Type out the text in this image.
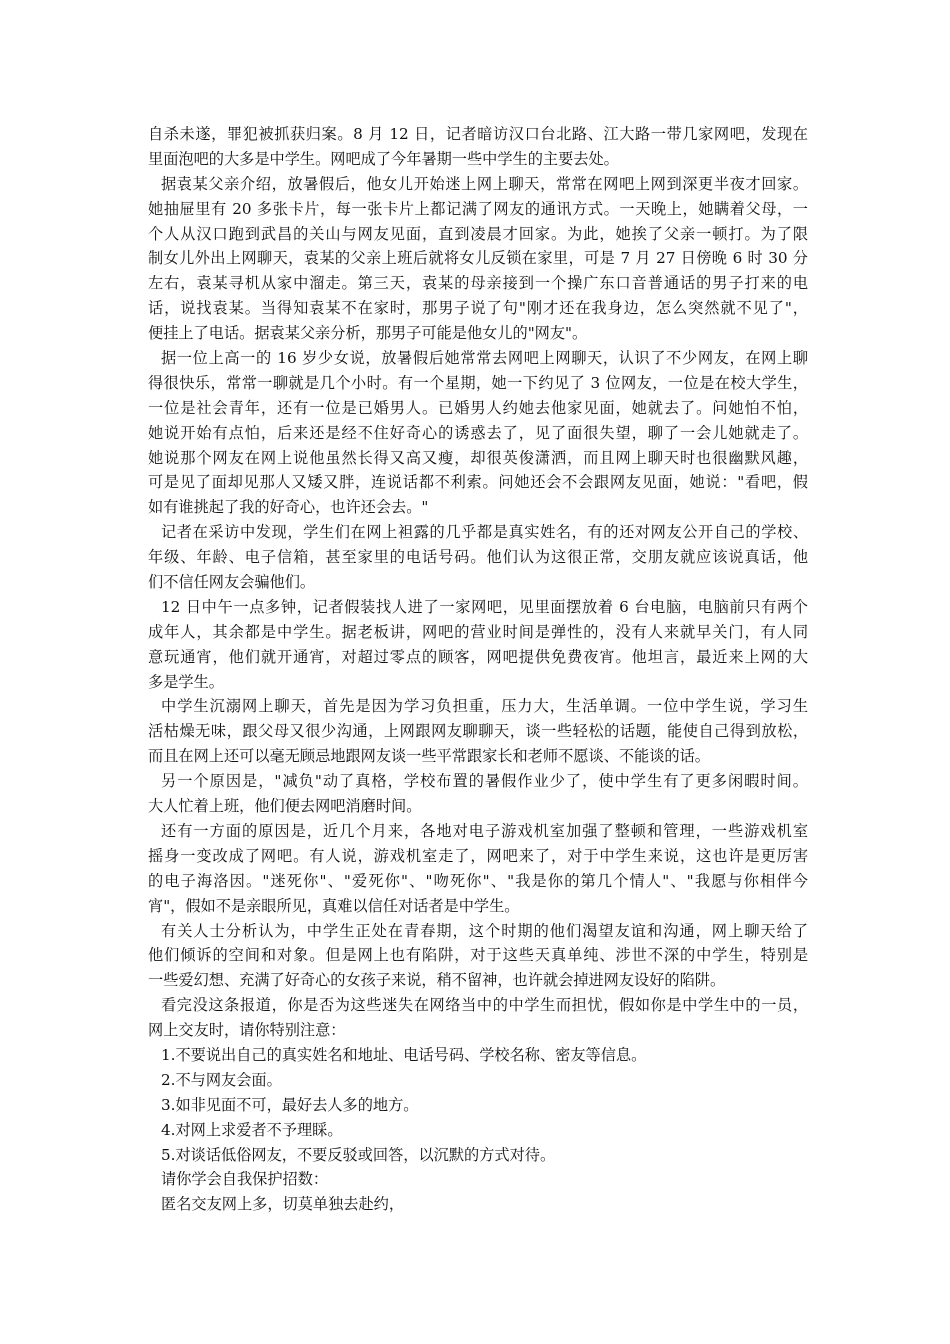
自杀未遂，罪犯被抓获归案。8 月 12 日，记者暗访汉口台北路、江大路一带几家网吧，发现在
里面泡吧的大多是中学生。网吧成了今年暑期一些中学生的主要去处。
据袁某父亲介绍，放暑假后，他女儿开始迷上网上聊天，常常在网吧上网到深更半夜才回家。
她抽屉里有 20 多张卡片，每一张卡片上都记满了网友的通讯方式。一天晚上，她瞒着父母，一
个人从汉口跑到武昌的关山与网友见面，直到凌晨才回家。为此，她挨了父亲一顿打。为了限
制女儿外出上网聊天，袁某的父亲上班后就将女儿反锁在家里，可是 7 月 27 日傍晚 6 时 30 分
左右，袁某寻机从家中溜走。第三天，袁某的母亲接到一个操广东口音普通话的男子打来的电
话，说找袁某。当得知袁某不在家时，那男子说了句"刚才还在我身边，怎么突然就不见了"，
便挂上了电话。据袁某父亲分析，那男子可能是他女儿的"网友"。
据一位上高一的 16 岁少女说，放暑假后她常常去网吧上网聊天，认识了不少网友，在网上聊
得很快乐，常常一聊就是几个小时。有一个星期，她一下约见了 3 位网友，一位是在校大学生，
一位是社会青年，还有一位是已婚男人。已婚男人约她去他家见面，她就去了。问她怕不怕，
她说开始有点怕，后来还是经不住好奇心的诱惑去了，见了面很失望，聊了一会儿她就走了。
她说那个网友在网上说他虽然长得又高又瘦，却很英俊潇洒，而且网上聊天时也很幽默风趣，
可是见了面却见那人又矮又胖，连说话都不利索。问她还会不会跟网友见面，她说："看吧，假
如有谁挑起了我的好奇心，也许还会去。"
记者在采访中发现，学生们在网上袒露的几乎都是真实姓名，有的还对网友公开自己的学校、
年级、年龄、电子信箱，甚至家里的电话号码。他们认为这很正常，交朋友就应该说真话，他
们不信任网友会骗他们。
12 日中午一点多钟，记者假装找人进了一家网吧，见里面摆放着 6 台电脑，电脑前只有两个
成年人，其余都是中学生。据老板讲，网吧的营业时间是弹性的，没有人来就早关门，有人同
意玩通宵，他们就开通宵，对超过零点的顾客，网吧提供免费夜宵。他坦言，最近来上网的大
多是学生。
中学生沉溺网上聊天，首先是因为学习负担重，压力大，生活单调。一位中学生说，学习生
活枯燥无味，跟父母又很少沟通，上网跟网友聊聊天，谈一些轻松的话题，能使自己得到放松，
而且在网上还可以毫无顾忌地跟网友谈一些平常跟家长和老师不愿谈、不能谈的话。
另一个原因是，"减负"动了真格，学校布置的暑假作业少了，使中学生有了更多闲暇时间。
大人忙着上班，他们便去网吧消磨时间。
还有一方面的原因是，近几个月来，各地对电子游戏机室加强了整顿和管理，一些游戏机室
摇身一变改成了网吧。有人说，游戏机室走了，网吧来了，对于中学生来说，这也许是更厉害
的电子海洛因。"迷死你"、"爱死你"、"吻死你"、"我是你的第几个情人"、"我愿与你相伴今
宵"，假如不是亲眼所见，真难以信任对话者是中学生。
有关人士分析认为，中学生正处在青春期，这个时期的他们渴望友谊和沟通，网上聊天给了
他们倾诉的空间和对象。但是网上也有陷阱，对于这些天真单纯、涉世不深的中学生，特别是
一些爱幻想、充满了好奇心的女孩子来说，稍不留神，也许就会掉进网友设好的陷阱。
看完没这条报道，你是否为这些迷失在网络当中的中学生而担忧，假如你是中学生中的一员，
网上交友时，请你特别注意：
1.不要说出自己的真实姓名和地址、电话号码、学校名称、密友等信息。
2.不与网友会面。
3.如非见面不可，最好去人多的地方。
4.对网上求爱者不予理睬。
5.对谈话低俗网友，不要反驳或回答，以沉默的方式对待。
请你学会自我保护招数：
匿名交友网上多，切莫单独去赴约，
